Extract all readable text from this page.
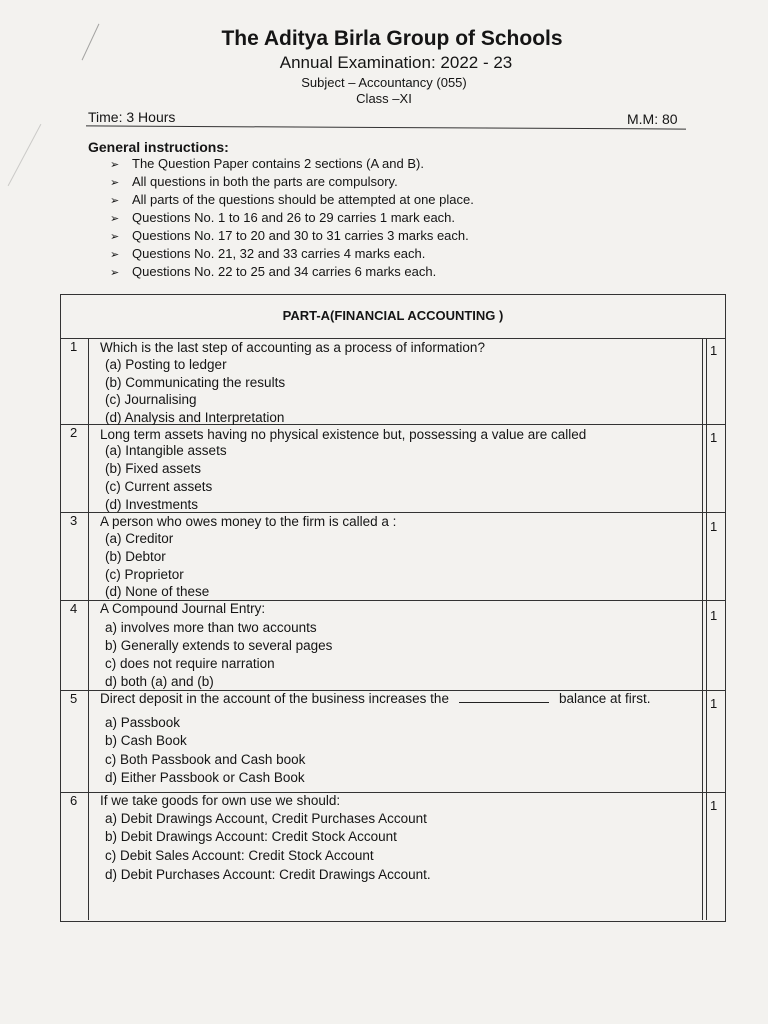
The Aditya Birla Group of Schools
Annual Examination: 2022 - 23
Subject – Accountancy (055)
Class –XI
Time: 3 Hours	M.M: 80
General instructions:
➢ The Question Paper contains 2 sections (A and B).
➢ All questions in both the parts are compulsory.
➢ All parts of the questions should be attempted at one place.
➢ Questions No. 1 to 16 and 26 to 29 carries 1 mark each.
➢ Questions No. 17 to 20 and 30 to 31 carries 3 marks each.
➢ Questions No. 21, 32 and 33 carries 4 marks each.
➢ Questions No. 22 to 25 and 34 carries 6 marks each.
PART-A(FINANCIAL ACCOUNTING )
1 Which is the last step of accounting as a process of information?
(a) Posting to ledger
(b) Communicating the results
(c) Journalising
(d) Analysis and Interpretation
1
2 Long term assets having no physical existence but, possessing a value are called
(a) Intangible assets
(b) Fixed assets
(c) Current assets
(d) Investments
1
3 A person who owes money to the firm is called a :
(a) Creditor
(b) Debtor
(c) Proprietor
(d) None of these
1
4 A Compound Journal Entry:
a) involves more than two accounts
b) Generally extends to several pages
c) does not require narration
d) both (a) and (b)
1
5 Direct deposit in the account of the business increases the	balance at first.
a) Passbook
b) Cash Book
c) Both Passbook and Cash book
d) Either Passbook or Cash Book
1
6 If we take goods for own use we should:
a) Debit Drawings Account, Credit Purchases Account
b) Debit Drawings Account: Credit Stock Account
c) Debit Sales Account: Credit Stock Account
d) Debit Purchases Account: Credit Drawings Account.
1
